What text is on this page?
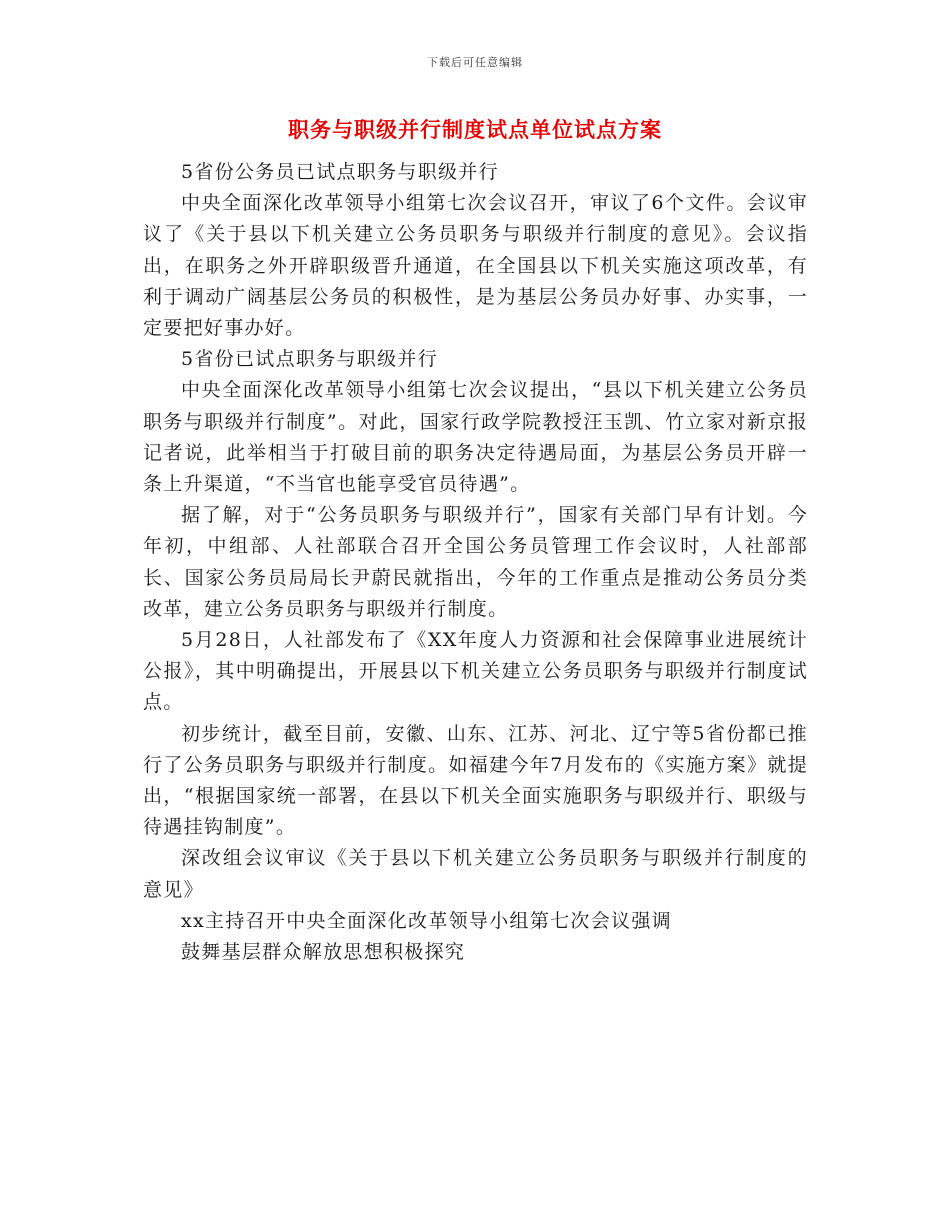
下载后可任意编辑
职务与职级并行制度试点单位试点方案

5省份公务员已试点职务与职级并行

中央全面深化改革领导小组第七次会议召开，审议了6个文件。会议审议了《关于县以下机关建立公务员职务与职级并行制度的意见》。会议指出，在职务之外开辟职级晋升通道，在全国县以下机关实施这项改革，有利于调动广阔基层公务员的积极性，是为基层公务员办好事、办实事，一定要把好事办好。

5省份已试点职务与职级并行

中央全面深化改革领导小组第七次会议提出，“县以下机关建立公务员职务与职级并行制度”。对此，国家行政学院教授汪玉凯、竹立家对新京报记者说，此举相当于打破目前的职务决定待遇局面，为基层公务员开辟一条上升渠道，“不当官也能享受官员待遇”。

据了解，对于“公务员职务与职级并行”，国家有关部门早有计划。今年初，中组部、人社部联合召开全国公务员管理工作会议时，人社部部长、国家公务员局局长尹蔚民就指出，今年的工作重点是推动公务员分类改革，建立公务员职务与职级并行制度。

5月28日，人社部发布了《XX年度人力资源和社会保障事业进展统计公报》，其中明确提出，开展县以下机关建立公务员职务与职级并行制度试点。

初步统计，截至目前，安徽、山东、江苏、河北、辽宁等5省份都已推行了公务员职务与职级并行制度。如福建今年7月发布的《实施方案》就提出，“根据国家统一部署，在县以下机关全面实施职务与职级并行、职级与待遇挂钩制度”。

深改组会议审议《关于县以下机关建立公务员职务与职级并行制度的意见》

xx主持召开中央全面深化改革领导小组第七次会议强调

鼓舞基层群众解放思想积极探究
